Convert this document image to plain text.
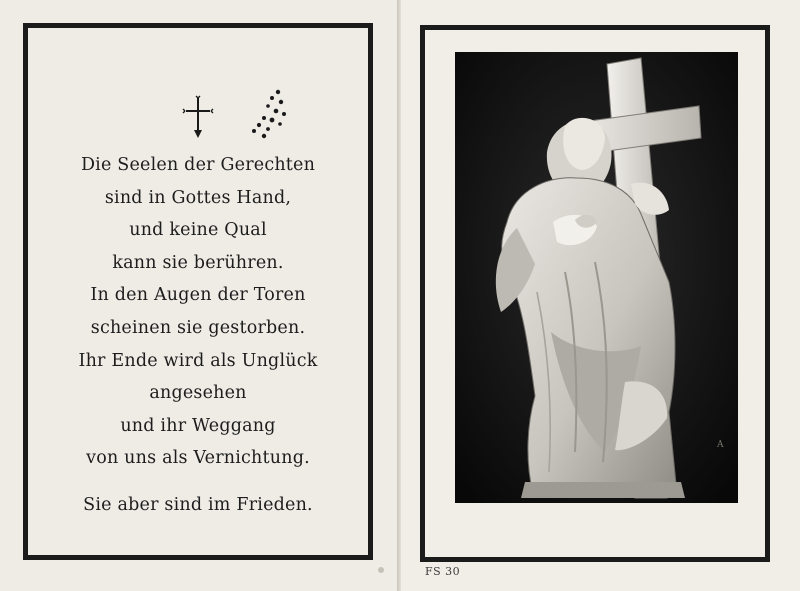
Die Seelen der Gerechten
sind in Gottes Hand,
und keine Qual
kann sie berühren.
In den Augen der Toren
scheinen sie gestorben.
Ihr Ende wird als Unglück
angesehen
und ihr Weggang
von uns als Vernichtung.
Sie aber sind im Frieden.
A
FS 30
